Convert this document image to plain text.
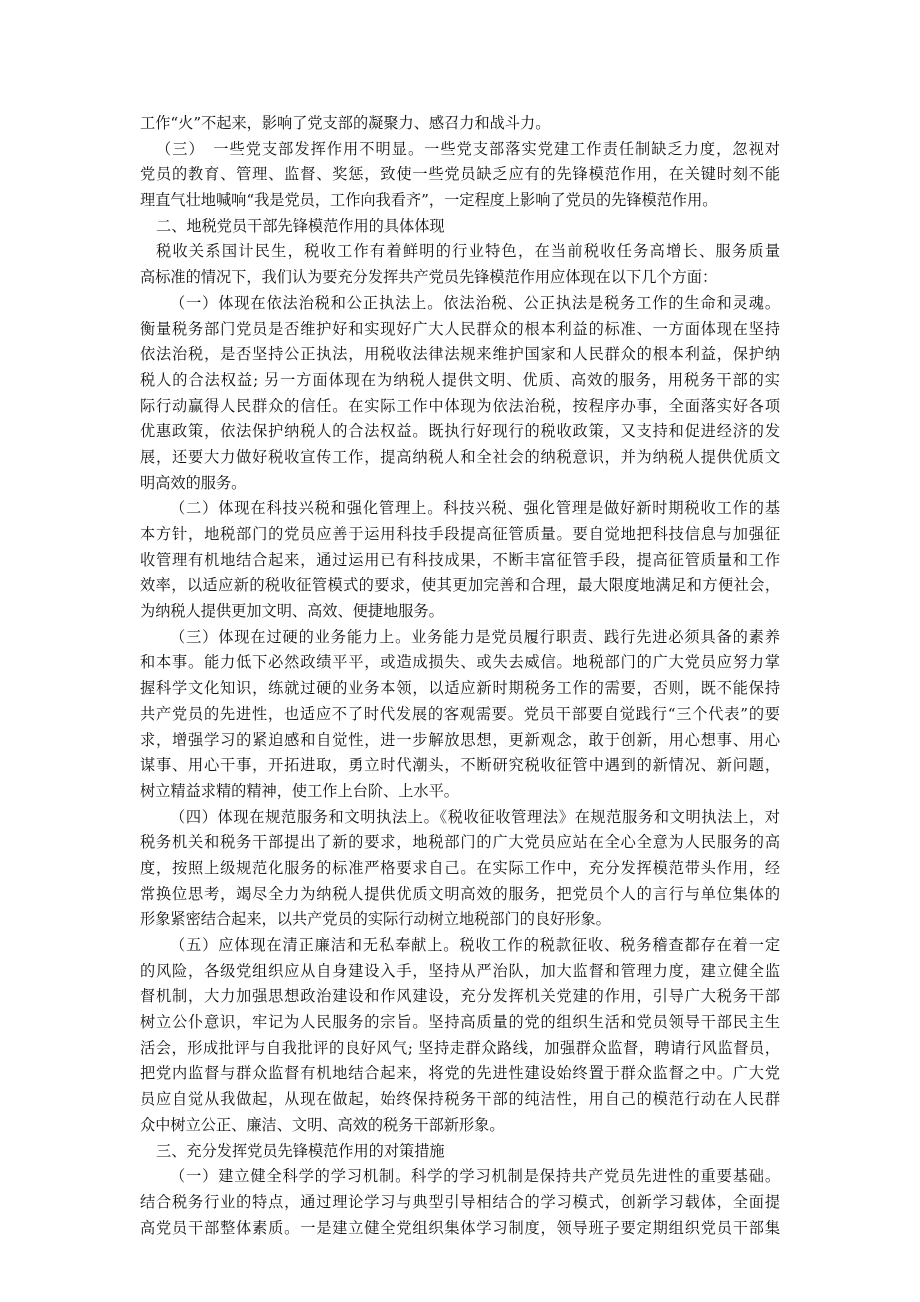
工作“火”不起来，影响了党支部的凝聚力、感召力和战斗力。
（三）　一些党支部发挥作用不明显。一些党支部落实党建工作责任制缺乏力度，忽视对
党员的教育、管理、监督、奖惩，致使一些党员缺乏应有的先锋模范作用，在关键时刻不能
理直气壮地喊响“我是党员，工作向我看齐”，一定程度上影响了党员的先锋模范作用。
二、地税党员干部先锋模范作用的具体体现
税收关系国计民生，税收工作有着鲜明的行业特色，在当前税收任务高增长、服务质量
高标准的情况下，我们认为要充分发挥共产党员先锋模范作用应体现在以下几个方面：
（一）体现在依法治税和公正执法上。依法治税、公正执法是税务工作的生命和灵魂。
衡量税务部门党员是否维护好和实现好广大人民群众的根本利益的标准、一方面体现在坚持
依法治税，是否坚持公正执法，用税收法律法规来维护国家和人民群众的根本利益，保护纳
税人的合法权益; 另一方面体现在为纳税人提供文明、优质、高效的服务，用税务干部的实
际行动赢得人民群众的信任。在实际工作中体现为依法治税，按程序办事，全面落实好各项
优惠政策，依法保护纳税人的合法权益。既执行好现行的税收政策，又支持和促进经济的发
展，还要大力做好税收宣传工作，提高纳税人和全社会的纳税意识，并为纳税人提供优质文
明高效的服务。
（二）体现在科技兴税和强化管理上。科技兴税、强化管理是做好新时期税收工作的基
本方针，地税部门的党员应善于运用科技手段提高征管质量。要自觉地把科技信息与加强征
收管理有机地结合起来，通过运用已有科技成果，不断丰富征管手段，提高征管质量和工作
效率，以适应新的税收征管模式的要求，使其更加完善和合理，最大限度地满足和方便社会，
为纳税人提供更加文明、高效、便捷地服务。
（三）体现在过硬的业务能力上。业务能力是党员履行职责、践行先进必须具备的素养
和本事。能力低下必然政绩平平，或造成损失、或失去威信。地税部门的广大党员应努力掌
握科学文化知识，练就过硬的业务本领，以适应新时期税务工作的需要，否则，既不能保持
共产党员的先进性，也适应不了时代发展的客观需要。党员干部要自觉践行“三个代表”的要
求，增强学习的紧迫感和自觉性，进一步解放思想，更新观念，敢于创新，用心想事、用心
谋事、用心干事，开拓进取，勇立时代潮头，不断研究税收征管中遇到的新情况、新问题，
树立精益求精的精神，使工作上台阶、上水平。
（四）体现在规范服务和文明执法上。《税收征收管理法》在规范服务和文明执法上，对
税务机关和税务干部提出了新的要求，地税部门的广大党员应站在全心全意为人民服务的高
度，按照上级规范化服务的标准严格要求自己。在实际工作中，充分发挥模范带头作用，经
常换位思考，竭尽全力为纳税人提供优质文明高效的服务，把党员个人的言行与单位集体的
形象紧密结合起来，以共产党员的实际行动树立地税部门的良好形象。
（五）应体现在清正廉洁和无私奉献上。税收工作的税款征收、税务稽查都存在着一定
的风险，各级党组织应从自身建设入手，坚持从严治队，加大监督和管理力度，建立健全监
督机制，大力加强思想政治建设和作风建设，充分发挥机关党建的作用，引导广大税务干部
树立公仆意识，牢记为人民服务的宗旨。坚持高质量的党的组织生活和党员领导干部民主生
活会，形成批评与自我批评的良好风气; 坚持走群众路线，加强群众监督，聘请行风监督员，
把党内监督与群众监督有机地结合起来，将党的先进性建设始终置于群众监督之中。广大党
员应自觉从我做起，从现在做起，始终保持税务干部的纯洁性，用自己的模范行动在人民群
众中树立公正、廉洁、文明、高效的税务干部新形象。
三、充分发挥党员先锋模范作用的对策措施
（一）建立健全科学的学习机制。科学的学习机制是保持共产党员先进性的重要基础。
结合税务行业的特点，通过理论学习与典型引导相结合的学习模式，创新学习载体，全面提
高党员干部整体素质。一是建立健全党组织集体学习制度，领导班子要定期组织党员干部集
